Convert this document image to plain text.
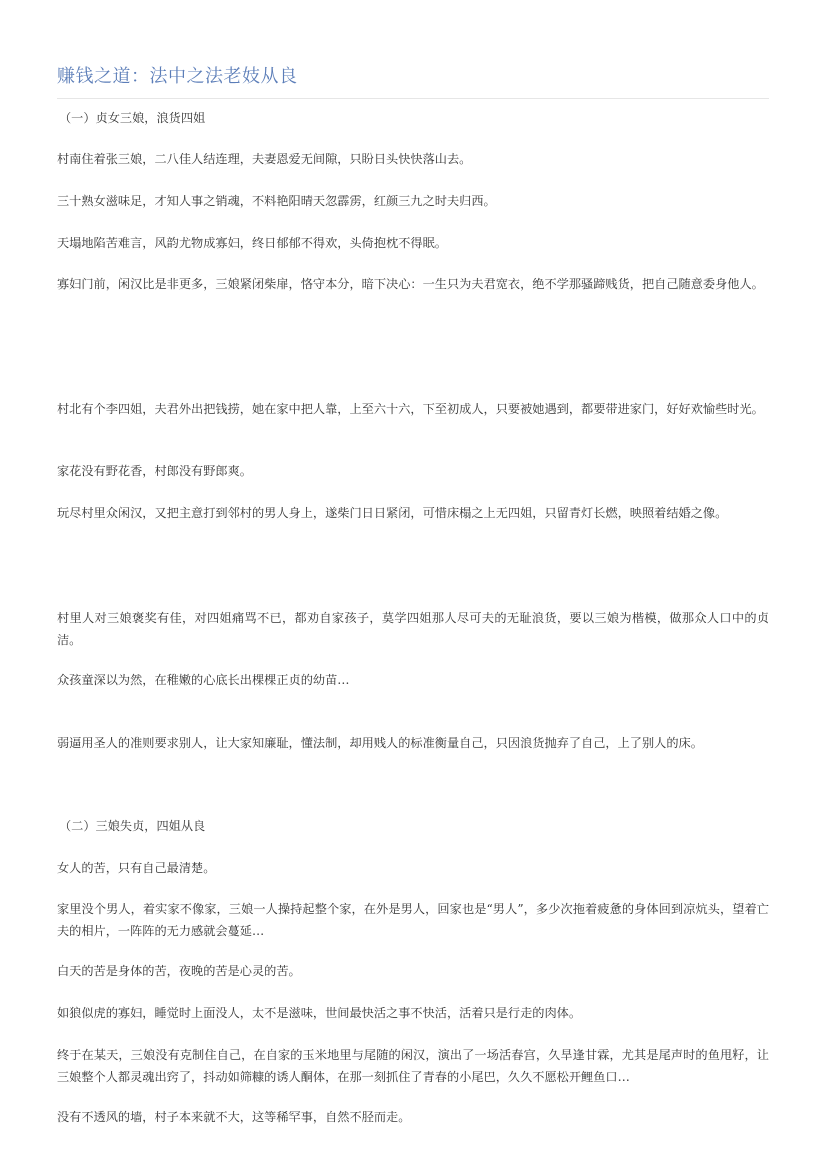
赚钱之道：法中之法老妓从良

（一）贞女三娘，浪货四姐

村南住着张三娘，二八佳人结连理，夫妻恩爱无间隙，只盼日头快快落山去。

三十熟女滋味足，才知人事之销魂，不料艳阳晴天忽霹雳，红颜三九之时夫归西。

天塌地陷苦难言，风韵尤物成寡妇，终日郁郁不得欢，头倚抱枕不得眠。

寡妇门前，闲汉比是非更多，三娘紧闭柴扉，恪守本分，暗下决心：一生只为夫君宽衣，绝不学那骚蹄贱货，把自己随意委身他人。

村北有个李四姐，夫君外出把钱捞，她在家中把人靠，上至六十六，下至初成人，只要被她遇到，都要带进家门，好好欢愉些时光。

家花没有野花香，村郎没有野郎爽。

玩尽村里众闲汉，又把主意打到邻村的男人身上，遂柴门日日紧闭，可惜床榻之上无四姐，只留青灯长燃，映照着结婚之像。

村里人对三娘褒奖有佳，对四姐痛骂不已，都劝自家孩子，莫学四姐那人尽可夫的无耻浪货，要以三娘为楷模，做那众人口中的贞洁。

众孩童深以为然，在稚嫩的心底长出棵棵正贞的幼苗…

弱逼用圣人的准则要求别人，让大家知廉耻，懂法制，却用贱人的标准衡量自己，只因浪货抛弃了自己，上了别人的床。

（二）三娘失贞，四姐从良

女人的苦，只有自己最清楚。

家里没个男人，着实家不像家，三娘一人操持起整个家，在外是男人，回家也是“男人”，多少次拖着疲惫的身体回到凉炕头，望着亡夫的相片，一阵阵的无力感就会蔓延…

白天的苦是身体的苦，夜晚的苦是心灵的苦。

如狼似虎的寡妇，睡觉时上面没人，太不是滋味，世间最快活之事不快活，活着只是行走的肉体。

终于在某天，三娘没有克制住自己，在自家的玉米地里与尾随的闲汉，演出了一场活春宫，久旱逢甘霖，尤其是尾声时的鱼甩籽，让三娘整个人都灵魂出窍了，抖动如筛糠的诱人酮体，在那一刻抓住了青春的小尾巴，久久不愿松开鲤鱼口…

没有不透风的墙，村子本来就不大，这等稀罕事，自然不胫而走。
